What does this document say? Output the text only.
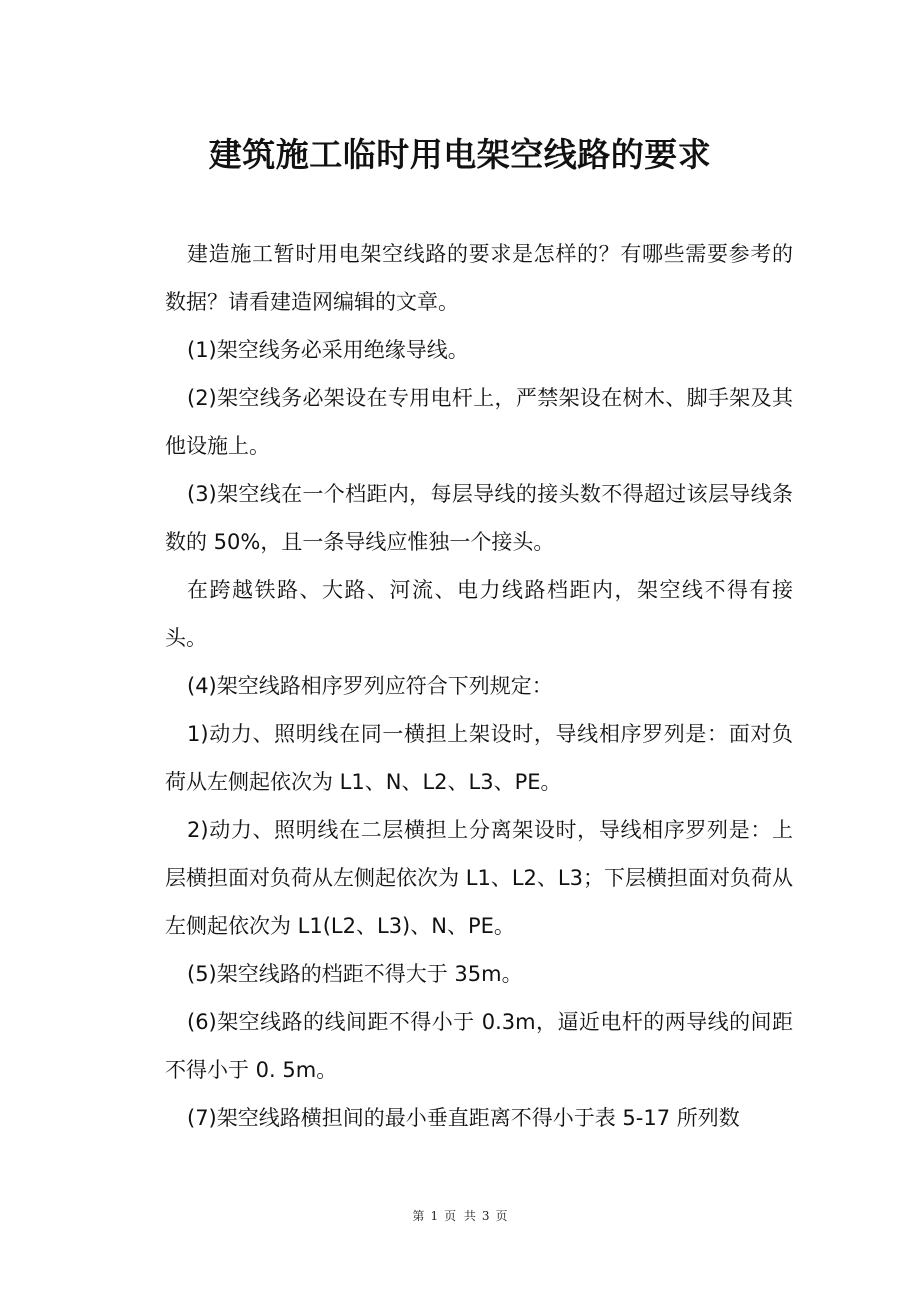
建筑施工临时用电架空线路的要求

建造施工暂时用电架空线路的要求是怎样的？有哪些需要参考的数据？请看建造网编辑的文章。

(1)架空线务必采用绝缘导线。

(2)架空线务必架设在专用电杆上，严禁架设在树木、脚手架及其他设施上。

(3)架空线在一个档距内，每层导线的接头数不得超过该层导线条数的 50%，且一条导线应惟独一个接头。

在跨越铁路、大路、河流、电力线路档距内，架空线不得有接头。

(4)架空线路相序罗列应符合下列规定：

1)动力、照明线在同一横担上架设时，导线相序罗列是：面对负荷从左侧起依次为 L1、N、L2、L3、PE。

2)动力、照明线在二层横担上分离架设时，导线相序罗列是：上层横担面对负荷从左侧起依次为 L1、L2、L3；下层横担面对负荷从左侧起依次为 L1(L2、L3)、N、PE。

(5)架空线路的档距不得大于 35m。

(6)架空线路的线间距不得小于 0.3m，逼近电杆的两导线的间距不得小于 0. 5m。

(7)架空线路横担间的最小垂直距离不得小于表 5-17 所列数

第 1 页 共 3 页
